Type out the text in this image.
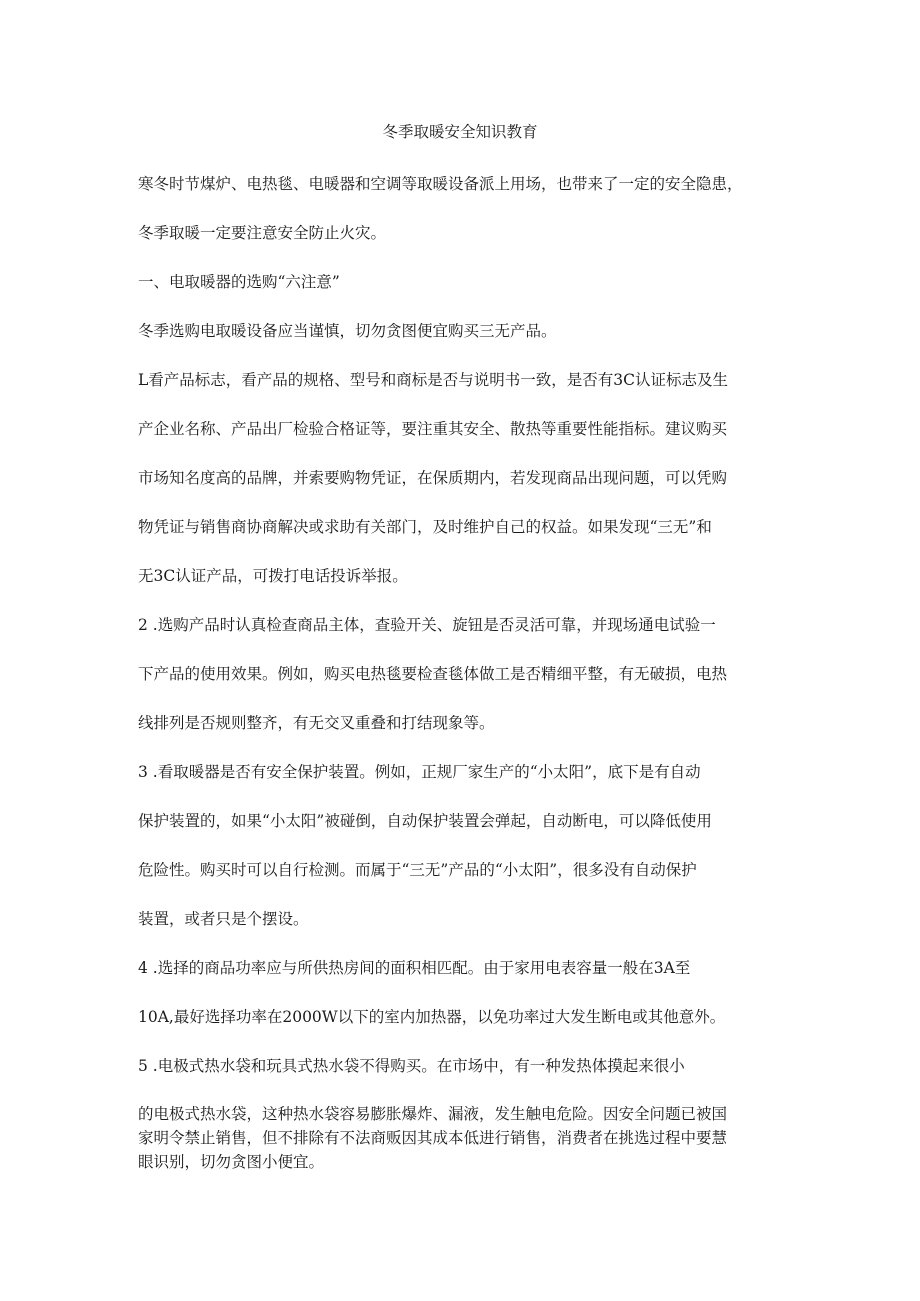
冬季取暖安全知识教育
寒冬时节煤炉、电热毯、电暖器和空调等取暖设备派上用场，也带来了一定的安全隐患，
冬季取暖一定要注意安全防止火灾。
一、电取暖器的选购“六注意”
冬季选购电取暖设备应当谨慎，切勿贪图便宜购买三无产品。
L看产品标志，看产品的规格、型号和商标是否与说明书一致，是否有3C认证标志及生
产企业名称、产品出厂检验合格证等，要注重其安全、散热等重要性能指标。建议购买
市场知名度高的品牌，并索要购物凭证，在保质期内，若发现商品出现问题，可以凭购
物凭证与销售商协商解决或求助有关部门，及时维护自己的权益。如果发现“三无”和
无3C认证产品，可拨打电话投诉举报。
2 .选购产品时认真检查商品主体，查验开关、旋钮是否灵活可靠，并现场通电试验一
下产品的使用效果。例如，购买电热毯要检查毯体做工是否精细平整，有无破损，电热
线排列是否规则整齐，有无交叉重叠和打结现象等。
3 .看取暖器是否有安全保护装置。例如，正规厂家生产的“小太阳”，底下是有自动
保护装置的，如果“小太阳”被碰倒，自动保护装置会弹起，自动断电，可以降低使用
危险性。购买时可以自行检测。而属于“三无”产品的“小太阳”，很多没有自动保护
装置，或者只是个摆设。
4 .选择的商品功率应与所供热房间的面积相匹配。由于家用电表容量一般在3A至
10A,最好选择功率在2000W以下的室内加热器，以免功率过大发生断电或其他意外。
5 .电极式热水袋和玩具式热水袋不得购买。在市场中，有一种发热体摸起来很小
的电极式热水袋，这种热水袋容易膨胀爆炸、漏液，发生触电危险。因安全问题已被国
家明令禁止销售，但不排除有不法商贩因其成本低进行销售，消费者在挑选过程中要慧
眼识别，切勿贪图小便宜。
